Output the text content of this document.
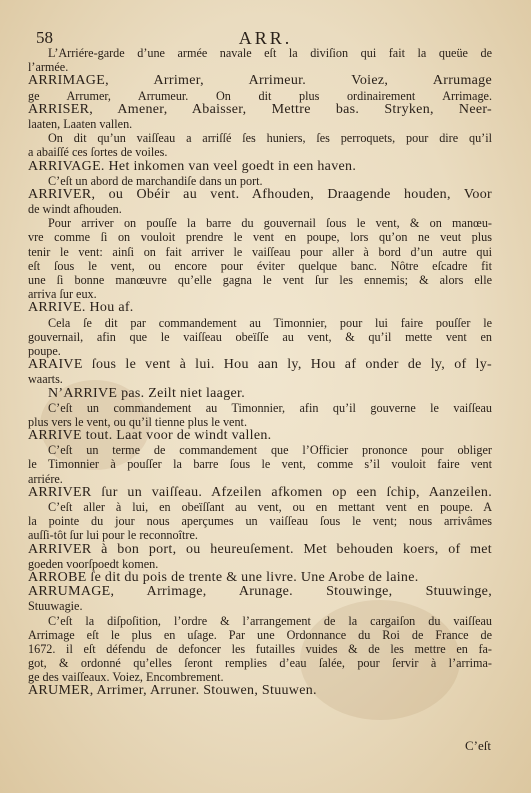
58	ARR.
L’Arriére-garde d’une armée navale eſt la diviſion qui fait la queüe de
l’armée.
ARRIMAGE, Arrimer, Arrimeur. Voiez, Arrumage
ge Arrumer, Arrumeur. On dit plus ordinairement Arrimage.
ARRISER, Amener, Abaisser, Mettre bas. Stryken, Neer-
laaten, Laaten vallen.
On dit qu’un vaiſſeau a arriſſé ſes huniers, ſes perroquets, pour dire qu’il
a abaiſſé ces ſortes de voiles.
ARRIVAGE. Het inkomen van veel goedt in een haven.
C’eſt un abord de marchandiſe dans un port.
ARRIVER, ou Obéir au vent. Afhouden, Draagende houden, Voor
de windt afhouden.
Pour arriver on pouſſe la barre du gouvernail ſous le vent, & on manœu-
vre comme ſi on vouloit prendre le vent en poupe, lors qu’on ne veut plus
tenir le vent: ainſi on fait arriver le vaiſſeau pour aller à bord d’un autre qui
eſt ſous le vent, ou encore pour éviter quelque banc. Nôtre eſcadre fit
une ſi bonne manœuvre qu’elle gagna le vent ſur les ennemis; & alors elle
arriva ſur eux.
ARRIVE. Hou af.
Cela ſe dit par commandement au Timonnier, pour lui faire pouſſer le
gouvernail, afin que le vaiſſeau obeïſſe au vent, & qu’il mette vent en
poupe.
ARAIVE ſous le vent à lui. Hou aan ly, Hou af onder de ly, of ly-
waarts.
N’ARRIVE pas. Zeilt niet laager.
C’eſt un commandement au Timonnier, afin qu’il gouverne le vaiſſeau
plus vers le vent, ou qu’il tienne plus le vent.
ARRIVE tout. Laat voor de windt vallen.
C’eſt un terme de commandement que l’Officier prononce pour obliger
le Timonnier à pouſſer la barre ſous le vent, comme s’il vouloit faire vent
arriére.
ARRIVER ſur un vaiſſeau. Afzeilen afkomen op een ſchip, Aanzeilen.
C’eſt aller à lui, en obeïſſant au vent, ou en mettant vent en poupe. A
la pointe du jour nous aperçumes un vaiſſeau ſous le vent; nous arrivâmes
auſſi-tôt ſur lui pour le reconnoître.
ARRIVER à bon port, ou heureuſement. Met behouden koers, of met
goeden voorſpoedt komen.
ARROBE ſe dit du pois de trente & une livre. Une Arobe de laine.
ARRUMAGE, Arrimage, Arunage. Stouwinge, Stuuwinge,
Stuuwagie.
C’eſt la diſpoſition, l’ordre & l’arrangement de la cargaiſon du vaiſſeau
Arrimage eſt le plus en uſage. Par une Ordonnance du Roi de France de
1672. il eſt défendu de defoncer les futailles vuides & de les mettre en fa-
got, & ordonné qu’elles ſeront remplies d’eau ſalée, pour ſervir à l’arrima-
ge des vaiſſeaux. Voiez, Encombrement.
ARUMER, Arrimer, Arruner. Stouwen, Stuuwen.
C’eſt
